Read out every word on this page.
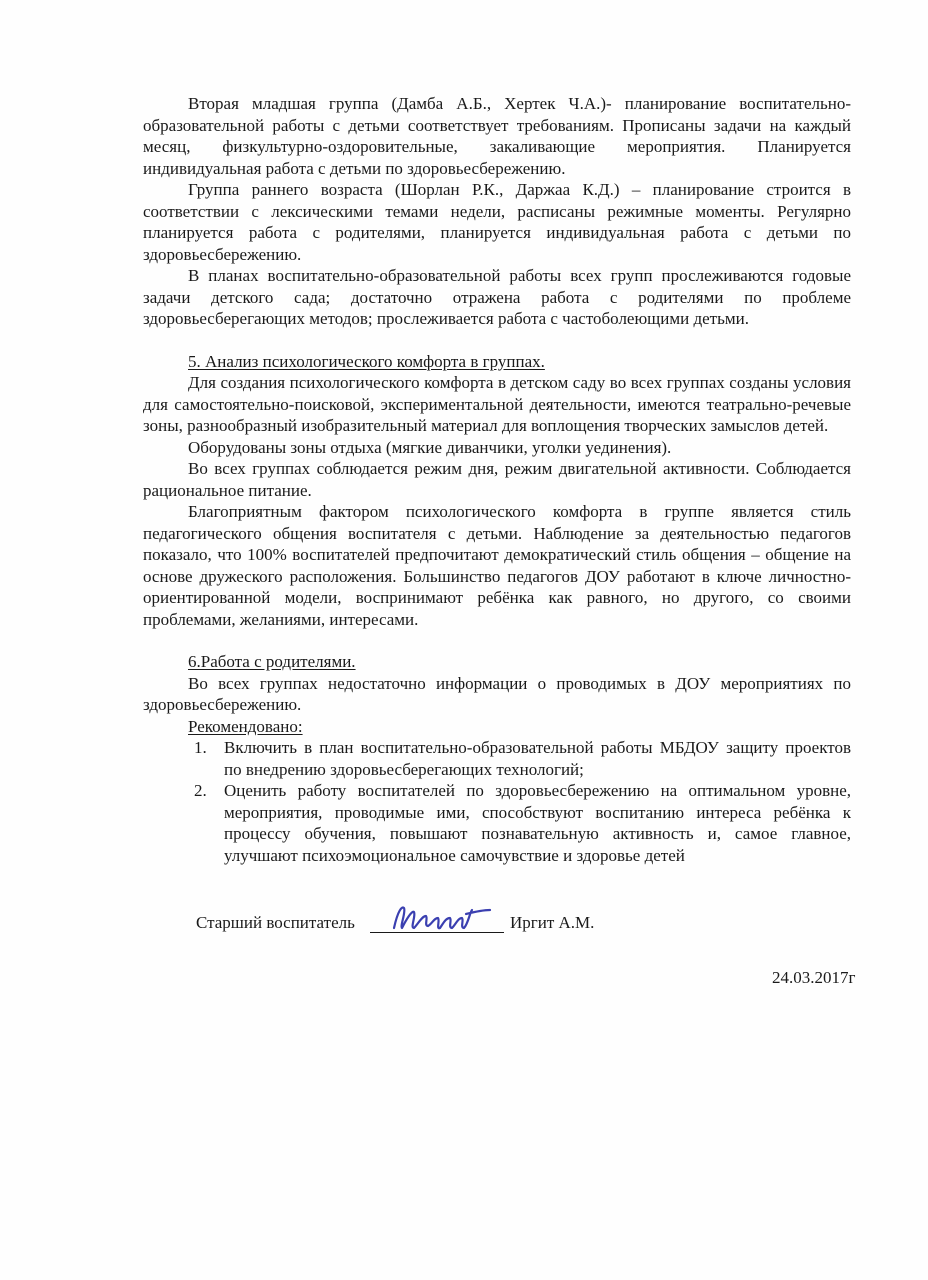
Вторая младшая группа (Дамба А.Б., Хертек Ч.А.)- планирование воспитательно-образовательной работы с детьми соответствует требованиям. Прописаны задачи на каждый месяц, физкультурно-оздоровительные, закаливающие мероприятия. Планируется индивидуальная работа с детьми по здоровьесбережению.

Группа раннего возраста (Шорлан Р.К., Даржаа К.Д.) – планирование строится в соответствии с лексическими темами недели, расписаны режимные моменты. Регулярно планируется работа с родителями, планируется индивидуальная работа с детьми по здоровьесбережению.

В планах воспитательно-образовательной работы всех групп прослеживаются годовые задачи детского сада; достаточно отражена работа с родителями по проблеме здоровьесберегающих методов; прослеживается работа с частоболеющими детьми.

5. Анализ психологического комфорта в группах.

Для создания психологического комфорта в детском саду во всех группах созданы условия для самостоятельно-поисковой, экспериментальной деятельности, имеются театрально-речевые зоны, разнообразный изобразительный материал для воплощения творческих замыслов детей.

Оборудованы зоны отдыха (мягкие диванчики, уголки уединения).

Во всех группах соблюдается режим дня, режим двигательной активности. Соблюдается рациональное питание.

Благоприятным фактором психологического комфорта в группе является стиль педагогического общения воспитателя с детьми. Наблюдение за деятельностью педагогов показало, что 100% воспитателей предпочитают демократический стиль общения – общение на основе дружеского расположения. Большинство педагогов ДОУ работают в ключе личностно-ориентированной модели, воспринимают ребёнка как равного, но другого, со своими проблемами, желаниями, интересами.

6.Работа с родителями.

Во всех группах недостаточно информации о проводимых в ДОУ мероприятиях по здоровьесбережению.

Рекомендовано:

1. Включить в план воспитательно-образовательной работы МБДОУ защиту проектов по внедрению здоровьесберегающих технологий;
2. Оценить работу воспитателей по здоровьесбережению на оптимальном уровне, мероприятия, проводимые ими, способствуют воспитанию интереса ребёнка к процессу обучения, повышают познавательную активность и, самое главное, улучшают психоэмоциональное самочувствие и здоровье детей
Старший воспитатель	Иргит А.М.
24.03.2017г
